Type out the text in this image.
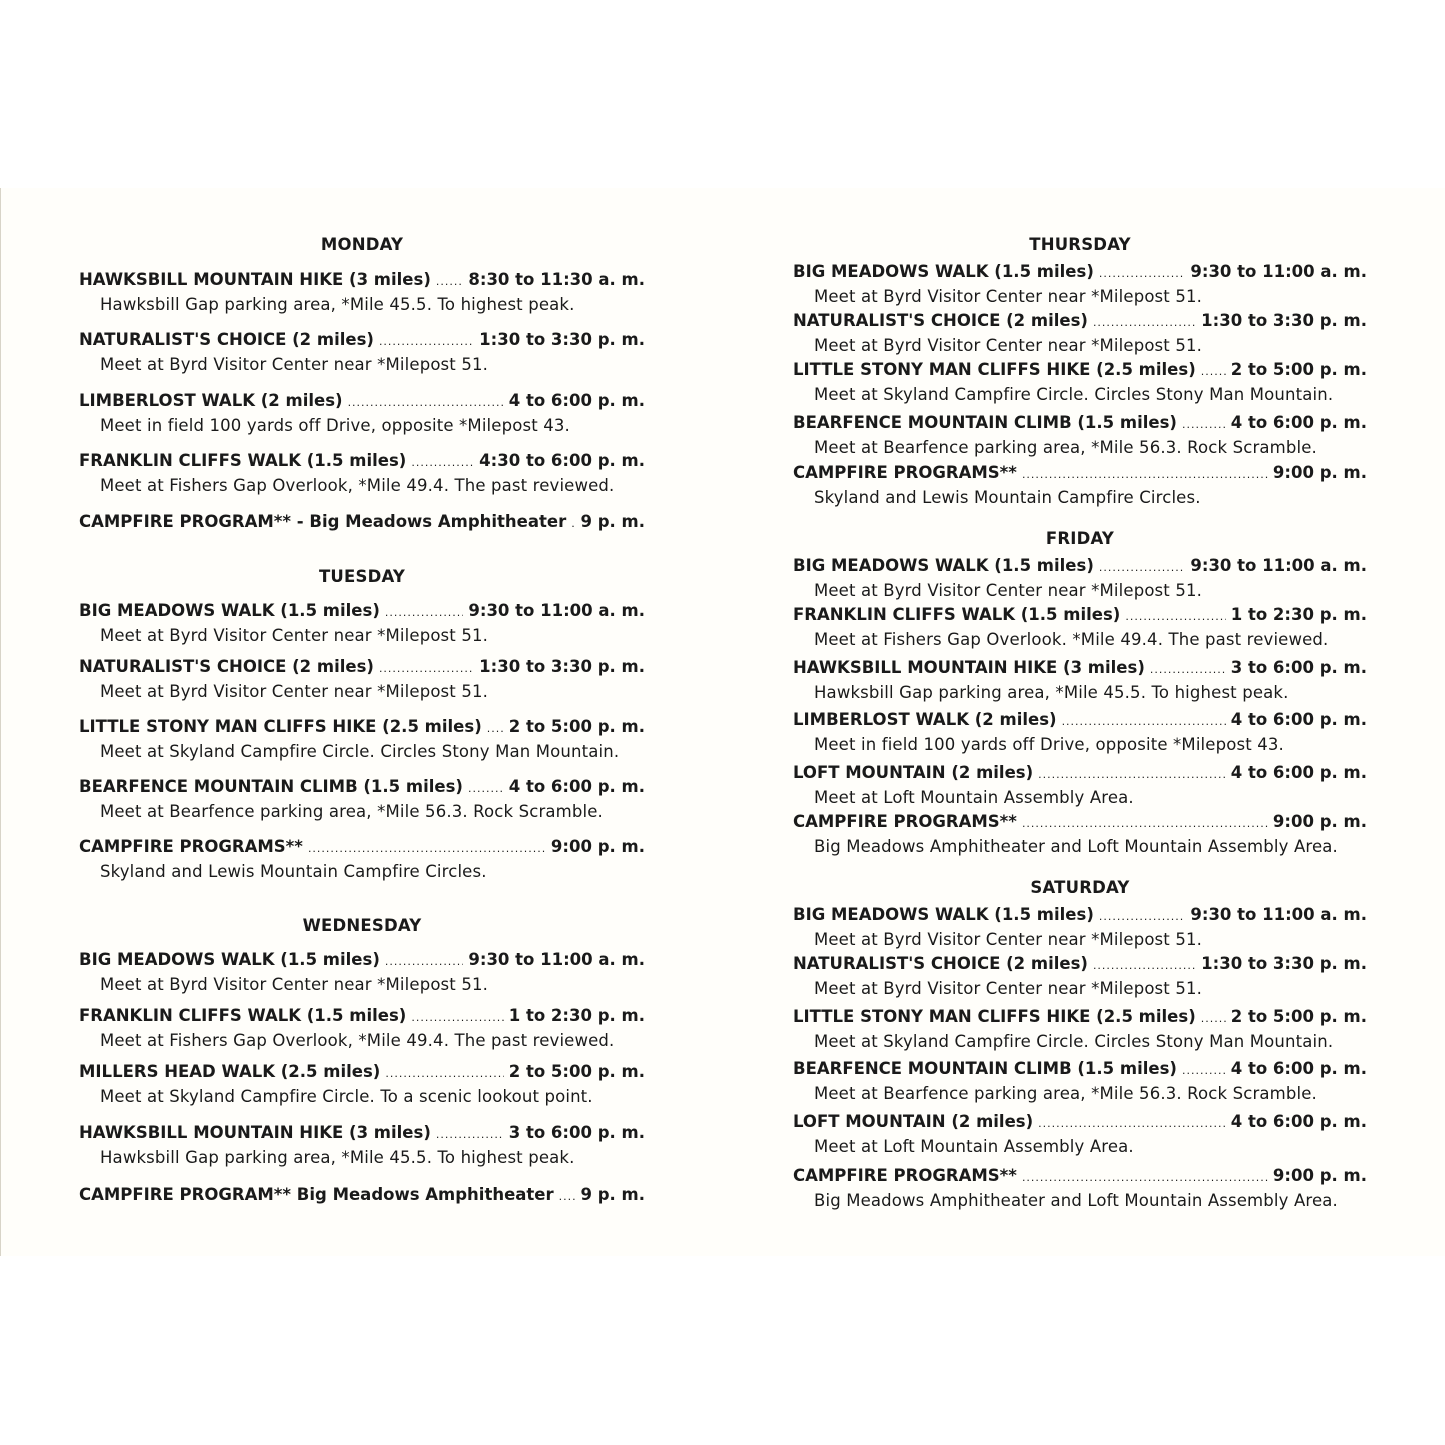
MONDAY
HAWKSBILL MOUNTAIN HIKE (3 miles) ..... 8:30 to 11:30 a. m.
Hawksbill Gap parking area, *Mile 45.5. To highest peak.
NATURALIST'S CHOICE (2 miles) .....	1:30 to 3:30 p. m.
Meet at Byrd Visitor Center near *Milepost 51.
LIMBERLOST WALK (2 miles) .....	4 to 6:00 p. m.
Meet in field 100 yards off Drive, opposite *Milepost 43.
FRANKLIN CLIFFS WALK (1.5 miles) .....	4:30 to 6:00 p. m.
Meet at Fishers Gap Overlook, *Mile 49.4. The past reviewed.
CAMPFIRE PROGRAM** - Big Meadows Amphitheater ..... 9 p. m.
TUESDAY
BIG MEADOWS WALK (1.5 miles) .....	9:30 to 11:00 a. m.
Meet at Byrd Visitor Center near *Milepost 51.
NATURALIST'S CHOICE (2 miles) .....	1:30 to 3:30 p. m.
Meet at Byrd Visitor Center near *Milepost 51.
LITTLE STONY MAN CLIFFS HIKE (2.5 miles) ..... 2 to 5:00 p. m.
Meet at Skyland Campfire Circle. Circles Stony Man Mountain.
BEARFENCE MOUNTAIN CLIMB (1.5 miles) .....	4 to 6:00 p. m.
Meet at Bearfence parking area, *Mile 56.3. Rock Scramble.
CAMPFIRE PROGRAMS** .....	9:00 p. m.
Skyland and Lewis Mountain Campfire Circles.
WEDNESDAY
BIG MEADOWS WALK (1.5 miles) .....	9:30 to 11:00 a. m.
Meet at Byrd Visitor Center near *Milepost 51.
FRANKLIN CLIFFS WALK (1.5 miles) .....	1 to 2:30 p. m.
Meet at Fishers Gap Overlook, *Mile 49.4. The past reviewed.
MILLERS HEAD WALK (2.5 miles) .....	2 to 5:00 p. m.
Meet at Skyland Campfire Circle. To a scenic lookout point.
HAWKSBILL MOUNTAIN HIKE (3 miles) .....	3 to 6:00 p. m.
Hawksbill Gap parking area, *Mile 45.5. To highest peak.
CAMPFIRE PROGRAM** Big Meadows Amphitheater ..... 9 p. m.
THURSDAY
BIG MEADOWS WALK (1.5 miles) .....	9:30 to 11:00 a. m.
Meet at Byrd Visitor Center near *Milepost 51.
NATURALIST'S CHOICE (2 miles) .....	1:30 to 3:30 p. m.
Meet at Byrd Visitor Center near *Milepost 51.
LITTLE STONY MAN CLIFFS HIKE (2.5 miles) ..... 2 to 5:00 p. m.
Meet at Skyland Campfire Circle. Circles Stony Man Mountain.
BEARFENCE MOUNTAIN CLIMB (1.5 miles) .....	4 to 6:00 p. m.
Meet at Bearfence parking area, *Mile 56.3. Rock Scramble.
CAMPFIRE PROGRAMS** .....	9:00 p. m.
Skyland and Lewis Mountain Campfire Circles.
FRIDAY
BIG MEADOWS WALK (1.5 miles) .....	9:30 to 11:00 a. m.
Meet at Byrd Visitor Center near *Milepost 51.
FRANKLIN CLIFFS WALK (1.5 miles) .....	1 to 2:30 p. m.
Meet at Fishers Gap Overlook. *Mile 49.4. The past reviewed.
HAWKSBILL MOUNTAIN HIKE (3 miles) .....	3 to 6:00 p. m.
Hawksbill Gap parking area, *Mile 45.5. To highest peak.
LIMBERLOST WALK (2 miles) .....	4 to 6:00 p. m.
Meet in field 100 yards off Drive, opposite *Milepost 43.
LOFT MOUNTAIN (2 miles) .....	4 to 6:00 p. m.
Meet at Loft Mountain Assembly Area.
CAMPFIRE PROGRAMS** .....	9:00 p. m.
Big Meadows Amphitheater and Loft Mountain Assembly Area.
SATURDAY
BIG MEADOWS WALK (1.5 miles) .....	9:30 to 11:00 a. m.
Meet at Byrd Visitor Center near *Milepost 51.
NATURALIST'S CHOICE (2 miles) .....	1:30 to 3:30 p. m.
Meet at Byrd Visitor Center near *Milepost 51.
LITTLE STONY MAN CLIFFS HIKE (2.5 miles) ..... 2 to 5:00 p. m.
Meet at Skyland Campfire Circle. Circles Stony Man Mountain.
BEARFENCE MOUNTAIN CLIMB (1.5 miles) .....	4 to 6:00 p. m.
Meet at Bearfence parking area, *Mile 56.3. Rock Scramble.
LOFT MOUNTAIN (2 miles) .....	4 to 6:00 p. m.
Meet at Loft Mountain Assembly Area.
CAMPFIRE PROGRAMS** .....	9:00 p. m.
Big Meadows Amphitheater and Loft Mountain Assembly Area.
